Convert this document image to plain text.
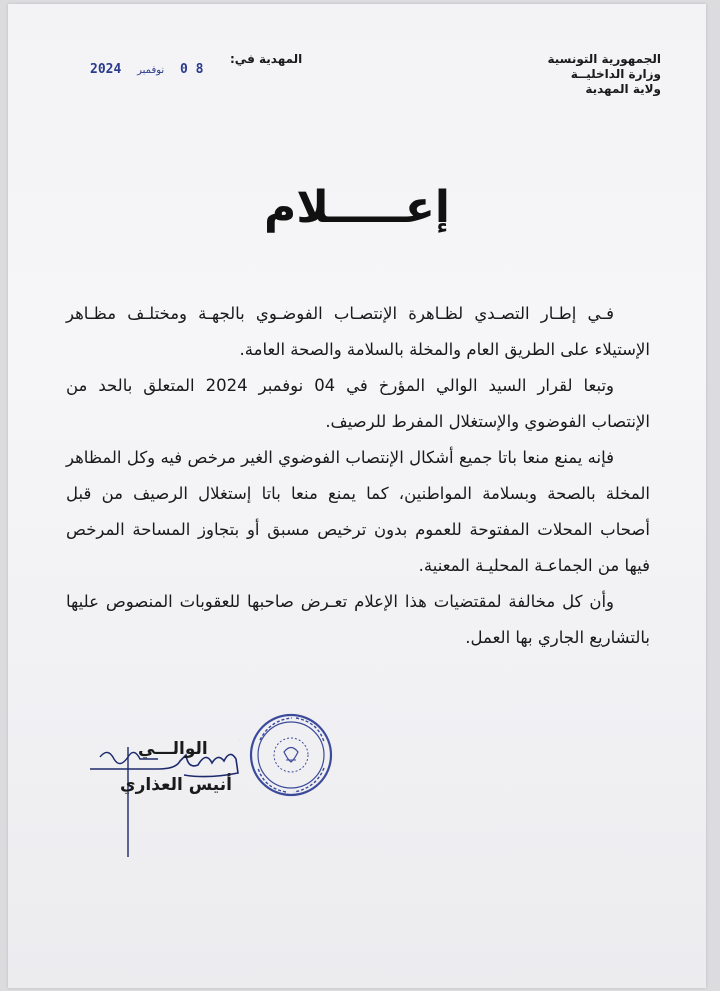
الجمهورية التونسية
وزارة الداخليــة
ولاية المهدية
المهدية في:
2024 نوفمبر 0 8
إعـــــلام

فـي إطـار التصـدي لظـاهرة الإنتصـاب الفوضـوي بالجهـة ومختلـف مظـاهر الإستيلاء على الطريق العام والمخلة بالسلامة والصحة العامة.

وتبعا لقرار السيد الوالي المؤرخ في 04 نوفمبر 2024 المتعلق بالحد من الإنتصاب الفوضوي والإستغلال المفرط للرصيف.

فإنه يمنع منعا باتا جميع أشكال الإنتصاب الفوضوي الغير مرخص فيه وكل المظاهر المخلة بالصحة وبسلامة المواطنين، كما يمنع منعا باتا إستغلال الرصيف من قبل أصحاب المحلات المفتوحة للعموم بدون ترخيص مسبق أو بتجاوز المساحة المرخص فيها من الجماعـة المحليـة المعنية.

وأن كل مخالفة لمقتضيات هذا الإعلام تعـرض صاحبها للعقوبات المنصوص عليها بالتشاريع الجاري بها العمل.

الوالـــي
أنيس العذاري
